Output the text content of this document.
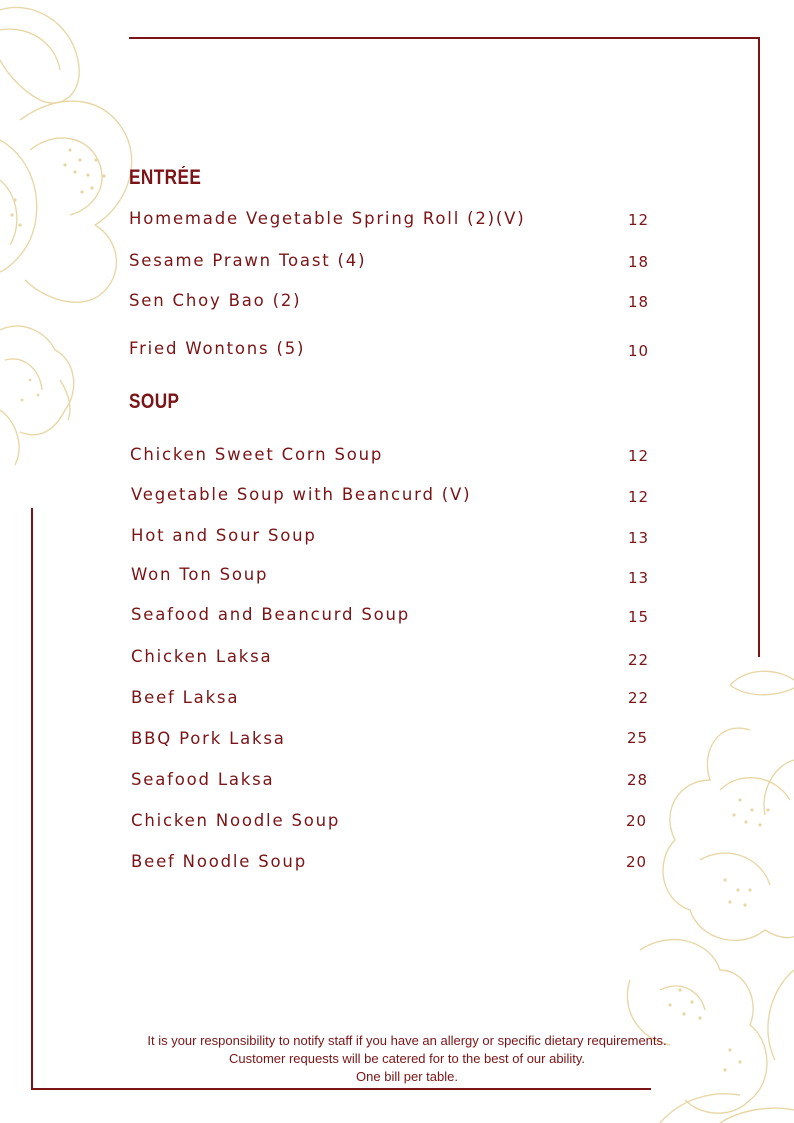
ENTRÉE
Homemade Vegetable Spring Roll (2)(V)	12
Sesame Prawn Toast (4)	18
Sen Choy Bao (2)	18
Fried Wontons (5)	10
SOUP
Chicken Sweet Corn Soup	12
Vegetable Soup with Beancurd (V)	12
Hot and Sour Soup	13
Won Ton Soup	13
Seafood and Beancurd Soup	15
Chicken Laksa	22
Beef Laksa	22
BBQ Pork Laksa	25
Seafood Laksa	28
Chicken Noodle Soup	20
Beef Noodle Soup	20
It is your responsibility to notify staff if you have an allergy or specific dietary requirements.
Customer requests will be catered for to the best of our ability.
One bill per table.
